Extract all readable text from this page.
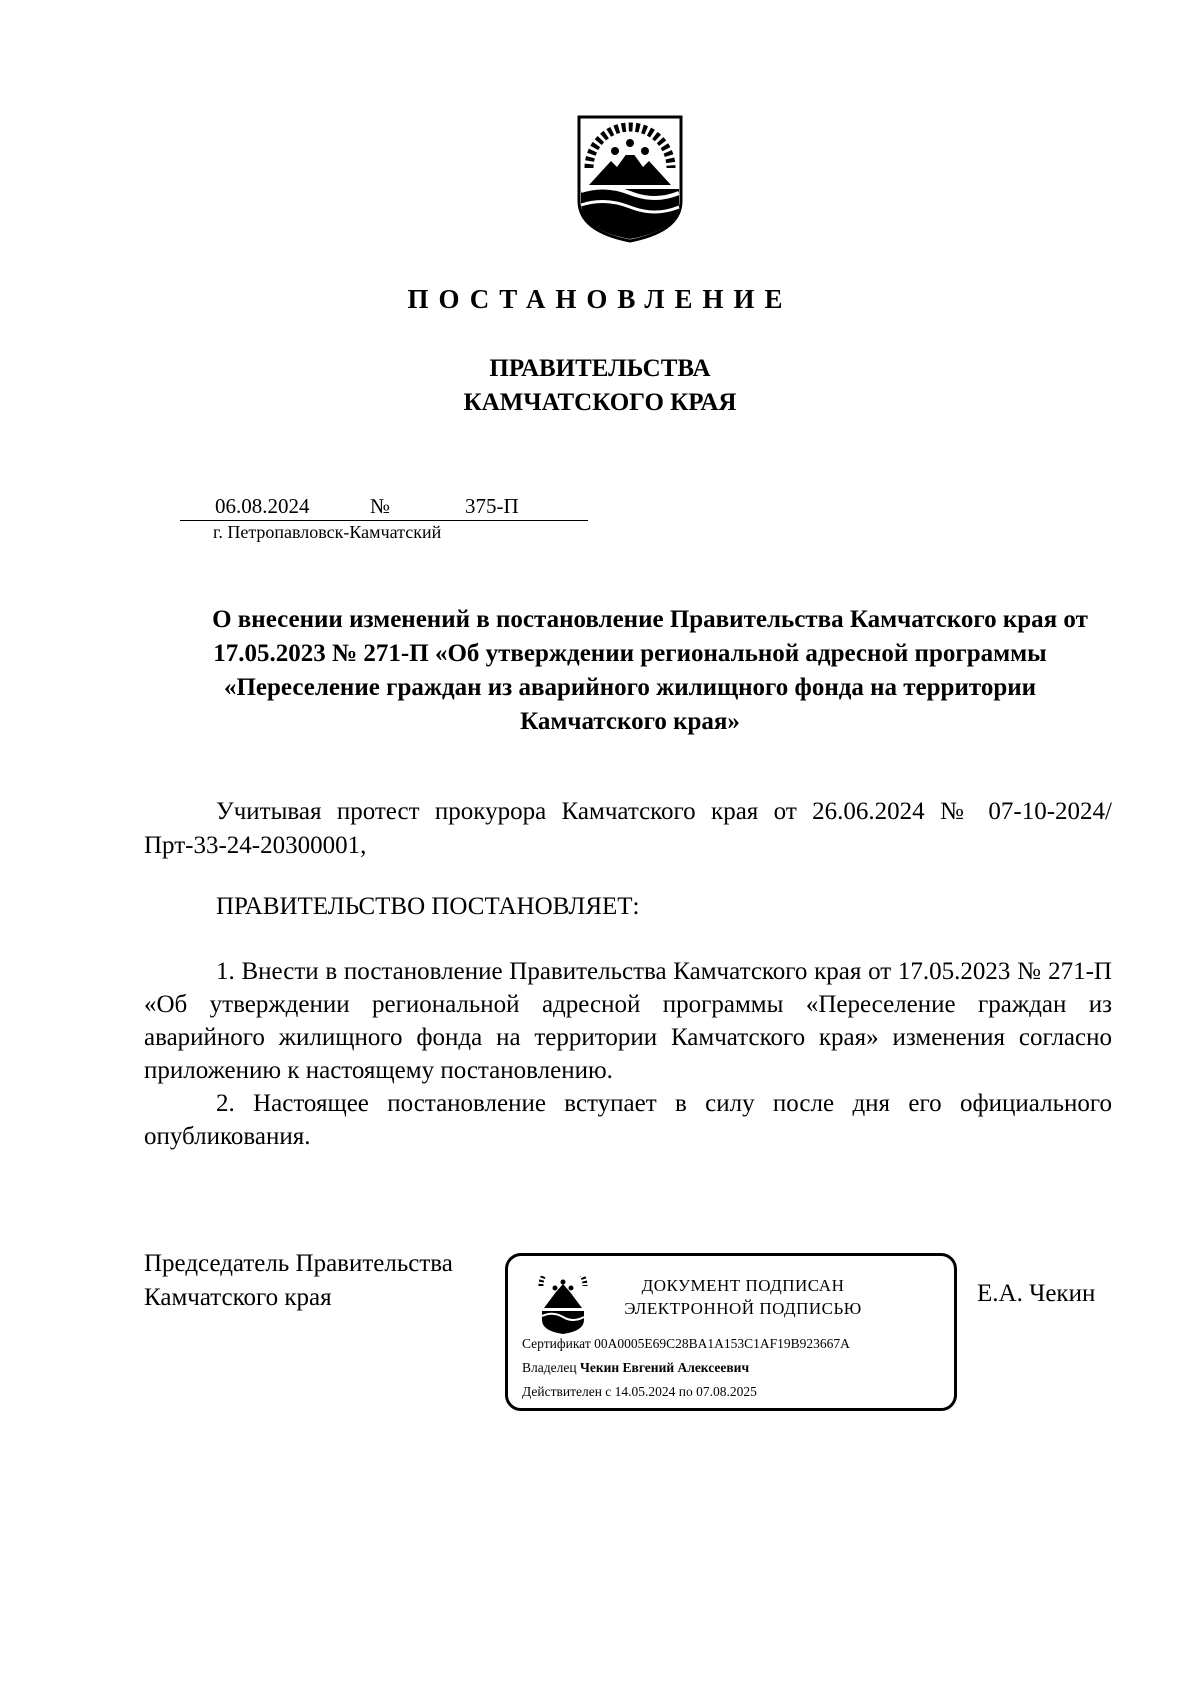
ПОСТАНОВЛЕНИЕ
ПРАВИТЕЛЬСТВА
КАМЧАТСКОГО КРАЯ
06.08.2024	№	375-П
г. Петропавловск-Камчатский
О внесении изменений в постановление Правительства Камчатского края от 17.05.2023 № 271-П «Об утверждении региональной адресной программы «Переселение граждан из аварийного жилищного фонда на территории Камчатского края»
Учитывая протест прокурора Камчатского края от 26.06.2024 № 07-10-2024/Прт-33-24-20300001,
ПРАВИТЕЛЬСТВО ПОСТАНОВЛЯЕТ:

1. Внести в постановление Правительства Камчатского края от 17.05.2023 № 271-П «Об утверждении региональной адресной программы «Переселение граждан из аварийного жилищного фонда на территории Камчатского края» изменения согласно приложению к настоящему постановлению.

2. Настоящее постановление вступает в силу после дня его официального опубликования.

Председатель Правительства
Камчатского края	Е.А. Чекин
ДОКУМЕНТ ПОДПИСАН
ЭЛЕКТРОННОЙ ПОДПИСЬЮ
Сертификат 00A0005E69C28BA1A153C1AF19B923667A
Владелец Чекин Евгений Алексеевич
Действителен с 14.05.2024 по 07.08.2025
